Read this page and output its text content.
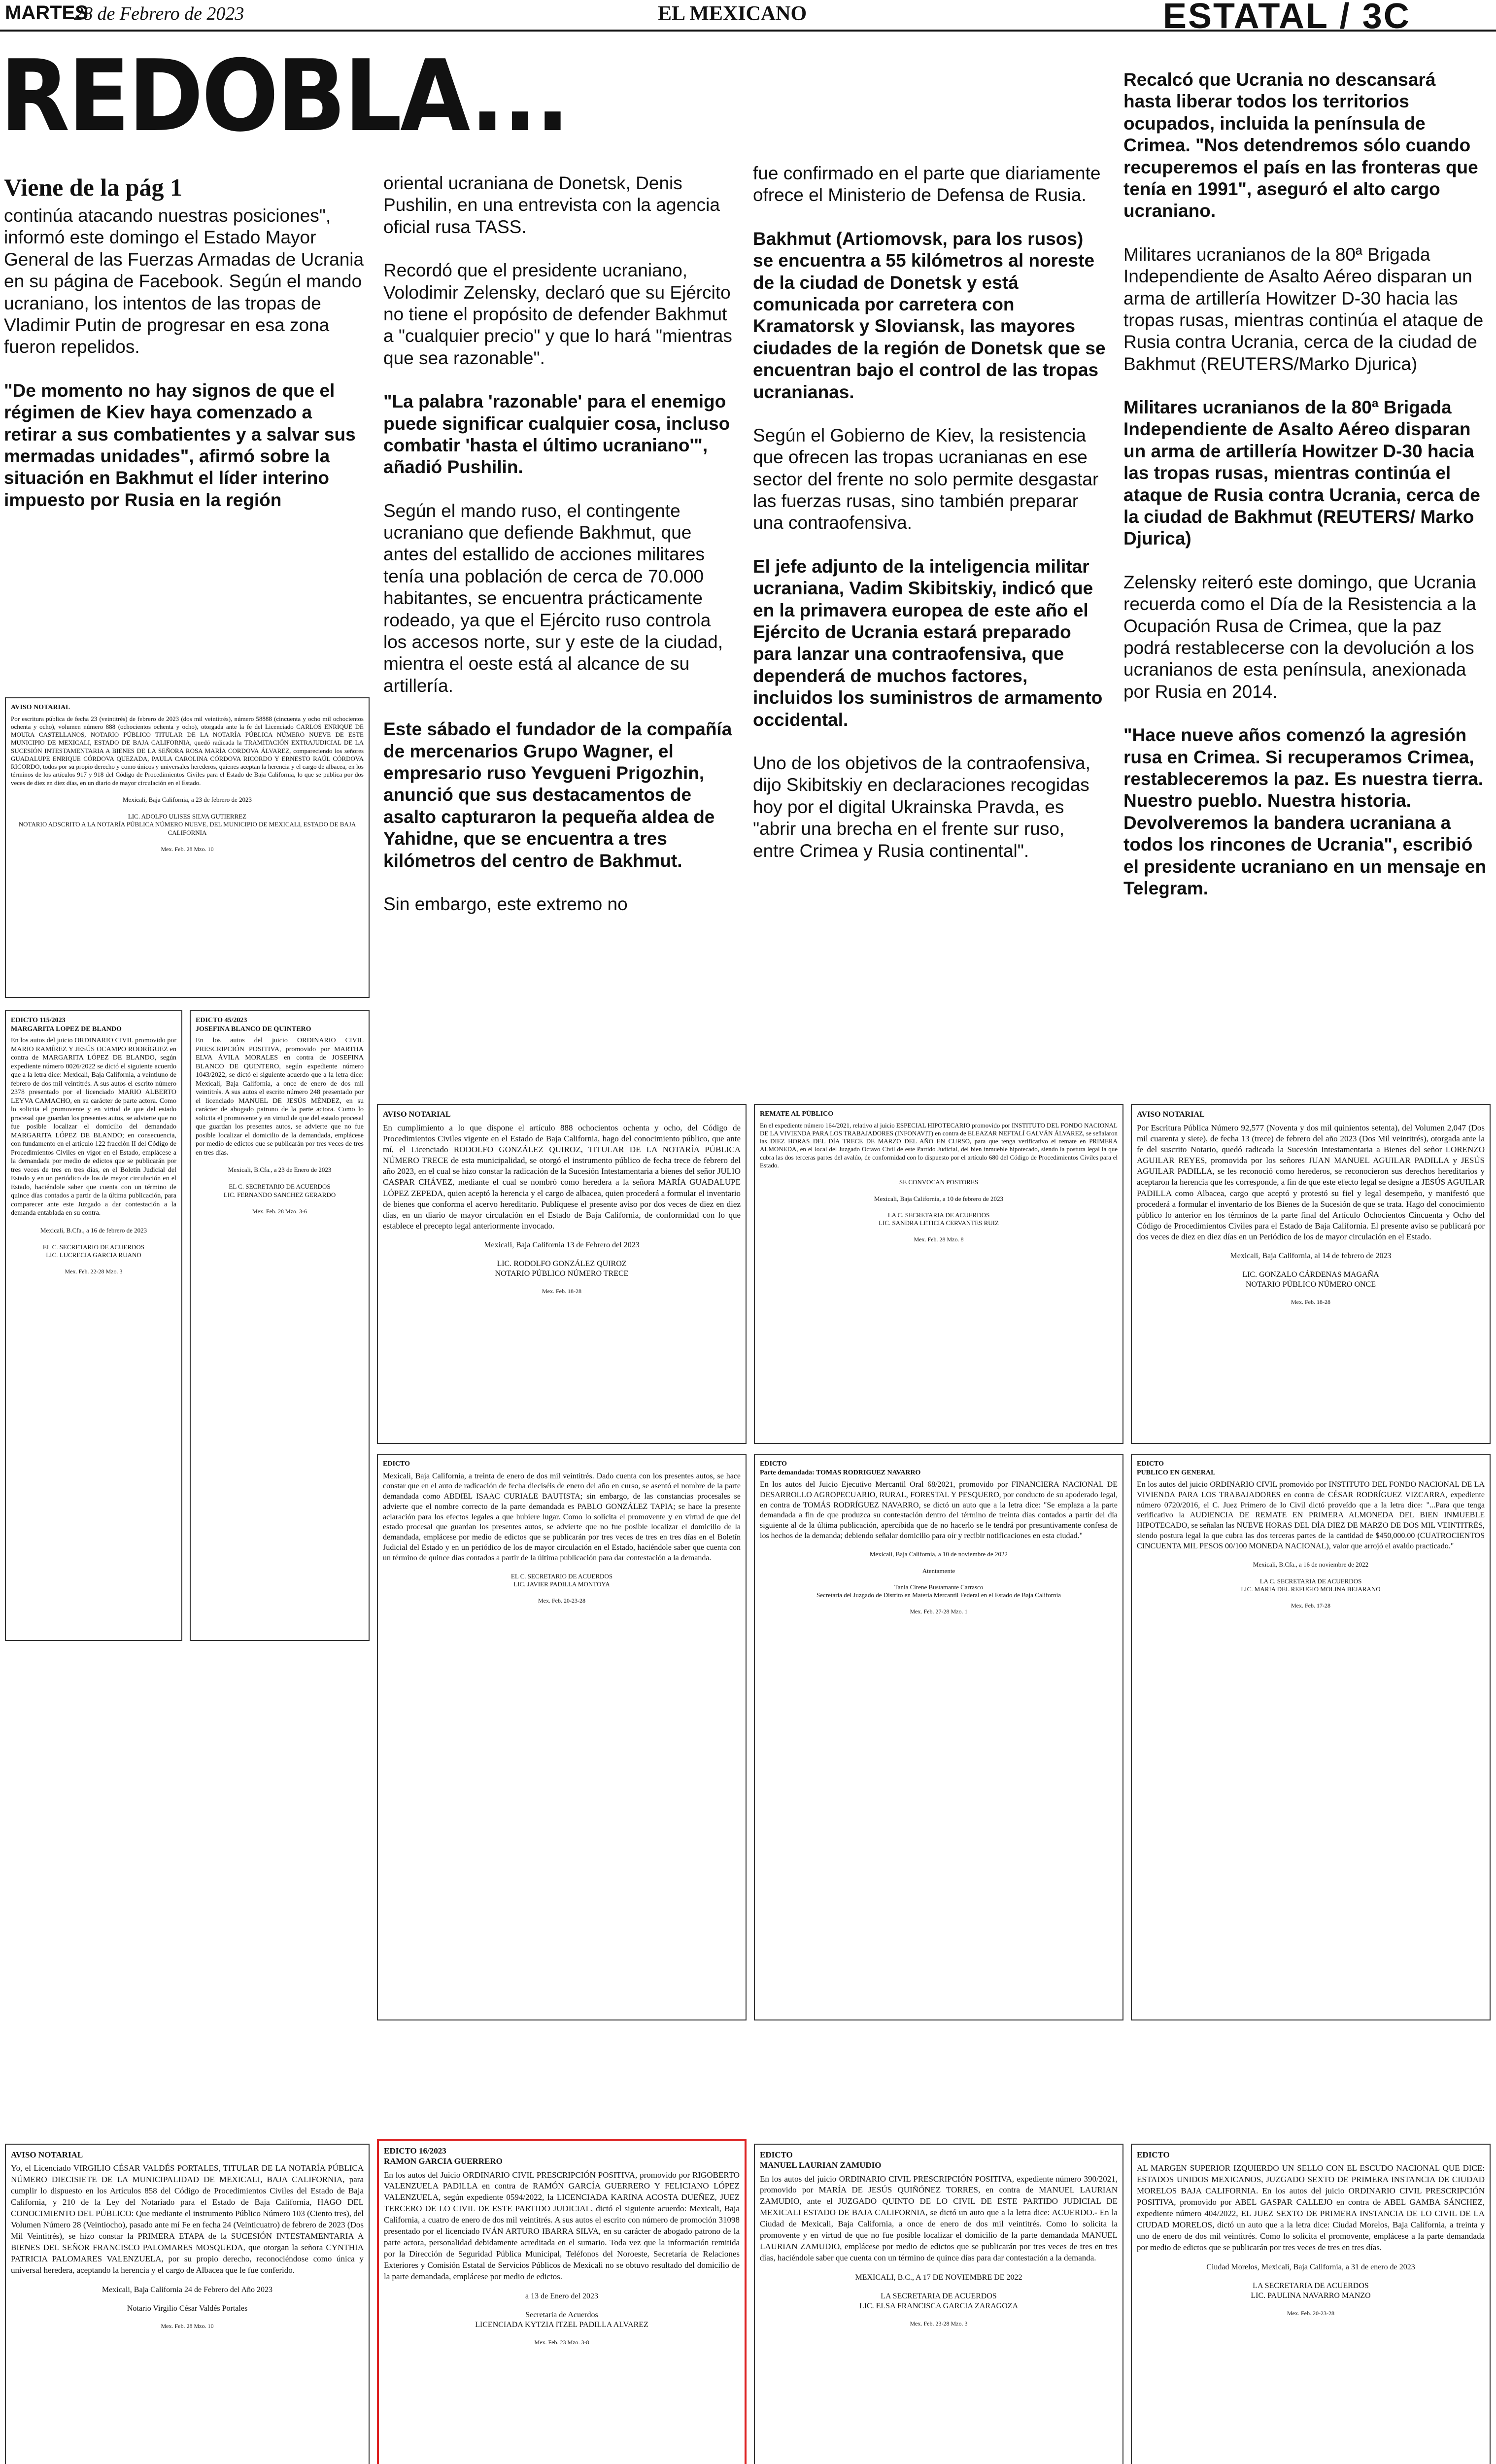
MARTES
28 de Febrero de 2023	EL MEXICANO	ESTATAL / 3C
REDOBLA...
Viene de la pág 1

continúa atacando nuestras posiciones", informó este domingo el Estado Mayor General de las Fuerzas Armadas de Ucrania en su página de Facebook. Según el mando ucraniano, los intentos de las tropas de Vladimir Putin de progresar en esa zona fueron repelidos.

"De momento no hay signos de que el régimen de Kiev haya comenzado a retirar a sus combatientes y a salvar sus mermadas unidades", afirmó sobre la situación en Bakhmut el líder interino impuesto por Rusia en la región

oriental ucraniana de Donetsk, Denis Pushilin, en una entrevista con la agencia oficial rusa TASS.

Recordó que el presidente ucraniano, Volodimir Zelensky, declaró que su Ejército no tiene el propósito de defender Bakhmut a "cualquier precio" y que lo hará "mientras que sea razonable".

"La palabra 'razonable' para el enemigo puede significar cualquier cosa, incluso combatir 'hasta el último ucraniano'", añadió Pushilin.

Según el mando ruso, el contingente ucraniano que defiende Bakhmut, que antes del estallido de acciones militares tenía una población de cerca de 70.000 habitantes, se encuentra prácticamente rodeado, ya que el Ejército ruso controla los accesos norte, sur y este de la ciudad, mientra el oeste está al alcance de su artillería.

Este sábado el fundador de la compañía de mercenarios Grupo Wagner, el empresario ruso Yevgueni Prigozhin, anunció que sus destacamentos de asalto capturaron la pequeña aldea de Yahidne, que se encuentra a tres kilómetros del centro de Bakhmut.

Sin embargo, este extremo no

fue confirmado en el parte que diariamente ofrece el Ministerio de Defensa de Rusia.

Bakhmut (Artiomovsk, para los rusos) se encuentra a 55 kilómetros al noreste de la ciudad de Donetsk y está comunicada por carretera con Kramatorsk y Sloviansk, las mayores ciudades de la región de Donetsk que se encuentran bajo el control de las tropas ucranianas.

Según el Gobierno de Kiev, la resistencia que ofrecen las tropas ucranianas en ese sector del frente no solo permite desgastar las fuerzas rusas, sino también preparar una contraofensiva.

El jefe adjunto de la inteligencia militar ucraniana, Vadim Skibitskiy, indicó que en la primavera europea de este año el Ejército de Ucrania estará preparado para lanzar una contraofensiva, que dependerá de muchos factores, incluidos los suministros de armamento occidental.

Uno de los objetivos de la contraofensiva, dijo Skibitskiy en declaraciones recogidas hoy por el digital Ukrainska Pravda, es "abrir una brecha en el frente sur ruso, entre Crimea y Rusia continental".

Recalcó que Ucrania no descansará hasta liberar todos los territorios ocupados, incluida la península de Crimea. "Nos detendremos sólo cuando recuperemos el país en las fronteras que tenía en 1991", aseguró el alto cargo ucraniano.

Militares ucranianos de la 80ª Brigada Independiente de Asalto Aéreo disparan un arma de artillería Howitzer D-30 hacia las tropas rusas, mientras continúa el ataque de Rusia contra Ucrania, cerca de la ciudad de Bakhmut (REUTERS/Marko Djurica)

Militares ucranianos de la 80ª Brigada Independiente de Asalto Aéreo disparan un arma de artillería Howitzer D-30 hacia las tropas rusas, mientras continúa el ataque de Rusia contra Ucrania, cerca de la ciudad de Bakhmut (REUTERS/ Marko Djurica)

Zelensky reiteró este domingo, que Ucrania recuerda como el Día de la Resistencia a la Ocupación Rusa de Crimea, que la paz podrá restablecerse con la devolución a los ucranianos de esta península, anexionada por Rusia en 2014.

"Hace nueve años comenzó la agresión rusa en Crimea. Si recuperamos Crimea, restableceremos la paz. Es nuestra tierra. Nuestro pueblo. Nuestra historia. Devolveremos la bandera ucraniana a todos los rincones de Ucrania", escribió el presidente ucraniano en un mensaje en Telegram.

AVISO NOTARIAL
Por escritura pública de fecha 23 (veintitrés) de febrero de 2023 (dos mil veintitrés), número 58888 (cincuenta y ocho mil ochocientos ochenta y ocho), volumen número 888 (ochocientos ochenta y ocho), otorgada ante la fe del Licenciado CARLOS ENRIQUE DE MOURA CASTELLANOS, NOTARIO PÚBLICO TITULAR DE LA NOTARÍA PÚBLICA NÚMERO NUEVE DE ESTE MUNICIPIO DE MEXICALI, ESTADO DE BAJA CALIFORNIA, quedó radicada la TRAMITACIÓN EXTRAJUDICIAL DE LA SUCESIÓN INTESTAMENTARIA A BIENES DE LA SEÑORA ROSA MARÍA CORDOVA ÁLVAREZ, compareciendo los señores GUADALUPE ENRIQUE CÓRDOVA QUEZADA, PAULA CAROLINA CÓRDOVA RICORDO Y ERNESTO RAÚL CÓRDOVA RICORDO, todos por su propio derecho y como únicos y universales herederos, quienes aceptan la herencia y el cargo de albacea, en los términos de los artículos 917 y 918 del Código de Procedimientos Civiles para el Estado de Baja California, lo que se publica por dos veces de diez en diez días, en un diario de mayor circulación en el Estado.
Mexicali, Baja California, a 23 de febrero de 2023
LIC. ADOLFO ULISES SILVA GUTIERREZ
NOTARIO ADSCRITO A LA NOTARÍA PÚBLICA NÚMERO NUEVE, DEL MUNICIPIO DE MEXICALI, ESTADO DE BAJA CALIFORNIA
Mex. Feb. 28 Mzo. 10
EDICTO 115/2023
MARGARITA LOPEZ DE BLANDO
En los autos del juicio ORDINARIO CIVIL promovido por MARIO RAMÍREZ Y JESÚS OCAMPO RODRÍGUEZ en contra de MARGARITA LÓPEZ DE BLANDO, según expediente número 0026/2022 se dictó el siguiente acuerdo que a la letra dice: Mexicali, Baja California, a veintiuno de febrero de dos mil veintitrés. A sus autos el escrito número 2378 presentado por el licenciado MARIO ALBERTO LEYVA CAMACHO, en su carácter de parte actora. Como lo solicita el promovente y en virtud de que del estado procesal que guardan los presentes autos, se advierte que no fue posible localizar el domicilio del demandado MARGARITA LÓPEZ DE BLANDO; en consecuencia, con fundamento en el artículo 122 fracción II del Código de Procedimientos Civiles en vigor en el Estado, emplácese a la demandada por medio de edictos que se publicarán por tres veces de tres en tres días, en el Boletín Judicial del Estado y en un periódico de los de mayor circulación en el Estado, haciéndole saber que cuenta con un término de quince días contados a partir de la última publicación, para comparecer ante este Juzgado a dar contestación a la demanda entablada en su contra.
Mexicali, B.Cfa., a 16 de febrero de 2023
EL C. SECRETARIO DE ACUERDOS
LIC. LUCRECIA GARCIA RUANO
Mex. Feb. 22-28 Mzo. 3
EDICTO 45/2023
JOSEFINA BLANCO DE QUINTERO
En los autos del juicio ORDINARIO CIVIL PRESCRIPCIÓN POSITIVA, promovido por MARTHA ELVA ÁVILA MORALES en contra de JOSEFINA BLANCO DE QUINTERO, según expediente número 1043/2022, se dictó el siguiente acuerdo que a la letra dice: Mexicali, Baja California, a once de enero de dos mil veintitrés. A sus autos el escrito número 248 presentado por el licenciado MANUEL DE JESÚS MÉNDEZ, en su carácter de abogado patrono de la parte actora. Como lo solicita el promovente y en virtud de que del estado procesal que guardan los presentes autos, se advierte que no fue posible localizar el domicilio de la demandada, emplácese por medio de edictos que se publicarán por tres veces de tres en tres días.
Mexicali, B.Cfa., a 23 de Enero de 2023
EL C. SECRETARIO DE ACUERDOS
LIC. FERNANDO SANCHEZ GERARDO
Mex. Feb. 28 Mzo. 3-6
AVISO NOTARIAL
En cumplimiento a lo que dispone el artículo 888 ochocientos ochenta y ocho, del Código de Procedimientos Civiles vigente en el Estado de Baja California, hago del conocimiento público, que ante mí, el Licenciado RODOLFO GONZÁLEZ QUIROZ, TITULAR DE LA NOTARÍA PÚBLICA NÚMERO TRECE de esta municipalidad, se otorgó el instrumento público de fecha trece de febrero del año 2023, en el cual se hizo constar la radicación de la Sucesión Intestamentaria a bienes del señor JULIO CASPAR CHÁVEZ, mediante el cual se nombró como heredera a la señora MARÍA GUADALUPE LÓPEZ ZEPEDA, quien aceptó la herencia y el cargo de albacea, quien procederá a formular el inventario de bienes que conforma el acervo hereditario. Publíquese el presente aviso por dos veces de diez en diez días, en un diario de mayor circulación en el Estado de Baja California, de conformidad con lo que establece el precepto legal anteriormente invocado.
Mexicali, Baja California 13 de Febrero del 2023
LIC. RODOLFO GONZÁLEZ QUIROZ
NOTARIO PÚBLICO NÚMERO TRECE
Mex. Feb. 18-28
REMATE AL PÚBLICO
En el expediente número 164/2021, relativo al juicio ESPECIAL HIPOTECARIO promovido por INSTITUTO DEL FONDO NACIONAL DE LA VIVIENDA PARA LOS TRABAJADORES (INFONAVIT) en contra de ELEAZAR NEFTALÍ GALVÁN ÁLVAREZ, se señalaron las DIEZ HORAS DEL DÍA TRECE DE MARZO DEL AÑO EN CURSO, para que tenga verificativo el remate en PRIMERA ALMONEDA, en el local del Juzgado Octavo Civil de este Partido Judicial, del bien inmueble hipotecado, siendo la postura legal la que cubra las dos terceras partes del avalúo, de conformidad con lo dispuesto por el artículo 680 del Código de Procedimientos Civiles para el Estado.
SE CONVOCAN POSTORES
Mexicali, Baja California, a 10 de febrero de 2023

LA C. SECRETARIA DE ACUERDOS
LIC. SANDRA LETICIA CERVANTES RUIZ
Mex. Feb. 28 Mzo. 8
AVISO NOTARIAL
Por Escritura Pública Número 92,577 (Noventa y dos mil quinientos setenta), del Volumen 2,047 (Dos mil cuarenta y siete), de fecha 13 (trece) de febrero del año 2023 (Dos Mil veintitrés), otorgada ante la fe del suscrito Notario, quedó radicada la Sucesión Intestamentaria a Bienes del señor LORENZO AGUILAR REYES, promovida por los señores JUAN MANUEL AGUILAR PADILLA y JESÚS AGUILAR PADILLA, se les reconoció como herederos, se reconocieron sus derechos hereditarios y aceptaron la herencia que les corresponde, a fin de que este efecto legal se designe a JESÚS AGUILAR PADILLA como Albacea, cargo que aceptó y protestó su fiel y legal desempeño, y manifestó que procederá a formular el inventario de los Bienes de la Sucesión de que se trata. Hago del conocimiento público lo anterior en los términos de la parte final del Artículo Ochocientos Cincuenta y Ocho del Código de Procedimientos Civiles para el Estado de Baja California. El presente aviso se publicará por dos veces de diez en diez días en un Periódico de los de mayor circulación en el Estado.
Mexicali, Baja California, al 14 de febrero de 2023
LIC. GONZALO CÁRDENAS MAGAÑA
NOTARIO PÚBLICO NÚMERO ONCE
Mex. Feb. 18-28
EDICTO
Mexicali, Baja California, a treinta de enero de dos mil veintitrés. Dado cuenta con los presentes autos, se hace constar que en el auto de radicación de fecha dieciséis de enero del año en curso, se asentó el nombre de la parte demandada como ABDIEL ISAAC CURIALE BAUTISTA; sin embargo, de las constancias procesales se advierte que el nombre correcto de la parte demandada es PABLO GONZÁLEZ TAPIA; se hace la presente aclaración para los efectos legales a que hubiere lugar. Como lo solicita el promovente y en virtud de que del estado procesal que guardan los presentes autos, se advierte que no fue posible localizar el domicilio de la demandada, emplácese por medio de edictos que se publicarán por tres veces de tres en tres días en el Boletín Judicial del Estado y en un periódico de los de mayor circulación en el Estado, haciéndole saber que cuenta con un término de quince días contados a partir de la última publicación para dar contestación a la demanda.
EL C. SECRETARIO DE ACUERDOS
LIC. JAVIER PADILLA MONTOYA
Mex. Feb. 20-23-28
EDICTO
Parte demandada: TOMAS RODRIGUEZ NAVARRO
En los autos del Juicio Ejecutivo Mercantil Oral 68/2021, promovido por FINANCIERA NACIONAL DE DESARROLLO AGROPECUARIO, RURAL, FORESTAL Y PESQUERO, por conducto de su apoderado legal, en contra de TOMÁS RODRÍGUEZ NAVARRO, se dictó un auto que a la letra dice: "Se emplaza a la parte demandada a fin de que produzca su contestación dentro del término de treinta días contados a partir del día siguiente al de la última publicación, apercibida que de no hacerlo se le tendrá por presuntivamente confesa de los hechos de la demanda; debiendo señalar domicilio para oír y recibir notificaciones en esta ciudad."
Mexicali, Baja California, a 10 de noviembre de 2022
Atentamente

Tania Cirene Bustamante Carrasco
Secretaria del Juzgado de Distrito en Materia Mercantil Federal en el Estado de Baja California
Mex. Feb. 27-28 Mzo. 1
EDICTO
PUBLICO EN GENERAL
En los autos del juicio ORDINARIO CIVIL promovido por INSTITUTO DEL FONDO NACIONAL DE LA VIVIENDA PARA LOS TRABAJADORES en contra de CÉSAR RODRÍGUEZ VIZCARRA, expediente número 0720/2016, el C. Juez Primero de lo Civil dictó proveído que a la letra dice: "...Para que tenga verificativo la AUDIENCIA DE REMATE EN PRIMERA ALMONEDA DEL BIEN INMUEBLE HIPOTECADO, se señalan las NUEVE HORAS DEL DÍA DIEZ DE MARZO DE DOS MIL VEINTITRÉS, siendo postura legal la que cubra las dos terceras partes de la cantidad de $450,000.00 (CUATROCIENTOS CINCUENTA MIL PESOS 00/100 MONEDA NACIONAL), valor que arrojó el avalúo practicado."
Mexicali, B.Cfa., a 16 de noviembre de 2022
LA C. SECRETARIA DE ACUERDOS
LIC. MARIA DEL REFUGIO MOLINA BEJARANO
Mex. Feb. 17-28
AVISO NOTARIAL
Yo, el Licenciado VIRGILIO CÉSAR VALDÉS PORTALES, TITULAR DE LA NOTARÍA PÚBLICA NÚMERO DIECISIETE DE LA MUNICIPALIDAD DE MEXICALI, BAJA CALIFORNIA, para cumplir lo dispuesto en los Artículos 858 del Código de Procedimientos Civiles del Estado de Baja California, y 210 de la Ley del Notariado para el Estado de Baja California, HAGO DEL CONOCIMIENTO DEL PÚBLICO: Que mediante el instrumento Público Número 103 (Ciento tres), del Volumen Número 28 (Veintiocho), pasado ante mí Fe en fecha 24 (Veinticuatro) de febrero de 2023 (Dos Mil Veintitrés), se hizo constar la PRIMERA ETAPA de la SUCESIÓN INTESTAMENTARIA A BIENES DEL SEÑOR FRANCISCO PALOMARES MOSQUEDA, que otorgan la señora CYNTHIA PATRICIA PALOMARES VALENZUELA, por su propio derecho, reconociéndose como única y universal heredera, aceptando la herencia y el cargo de Albacea que le fue conferido.
Mexicali, Baja California 24 de Febrero del Año 2023
Notario Virgilio César Valdés Portales
Mex. Feb. 28 Mzo. 10
EDICTO 16/2023
RAMON GARCIA GUERRERO
En los autos del Juicio ORDINARIO CIVIL PRESCRIPCIÓN POSITIVA, promovido por RIGOBERTO VALENZUELA PADILLA en contra de RAMÓN GARCÍA GUERRERO Y FELICIANO LÓPEZ VALENZUELA, según expediente 0594/2022, la LICENCIADA KARINA ACOSTA DUEÑEZ, JUEZ TERCERO DE LO CIVIL DE ESTE PARTIDO JUDICIAL, dictó el siguiente acuerdo: Mexicali, Baja California, a cuatro de enero de dos mil veintitrés. A sus autos el escrito con número de promoción 31098 presentado por el licenciado IVÁN ARTURO IBARRA SILVA, en su carácter de abogado patrono de la parte actora, personalidad debidamente acreditada en el sumario. Toda vez que la información remitida por la Dirección de Seguridad Pública Municipal, Teléfonos del Noroeste, Secretaría de Relaciones Exteriores y Comisión Estatal de Servicios Públicos de Mexicali no se obtuvo resultado del domicilio de la parte demandada, emplácese por medio de edictos.
a 13 de Enero del 2023
Secretaria de Acuerdos
LICENCIADA KYTZIA ITZEL PADILLA ALVAREZ
Mex. Feb. 23 Mzo. 3-8
EDICTO
MANUEL LAURIAN ZAMUDIO
En los autos del juicio ORDINARIO CIVIL PRESCRIPCIÓN POSITIVA, expediente número 390/2021, promovido por MARÍA DE JESÚS QUIÑÓNEZ TORRES, en contra de MANUEL LAURIAN ZAMUDIO, ante el JUZGADO QUINTO DE LO CIVIL DE ESTE PARTIDO JUDICIAL DE MEXICALI ESTADO DE BAJA CALIFORNIA, se dictó un auto que a la letra dice: ACUERDO.- En la Ciudad de Mexicali, Baja California, a once de enero de dos mil veintitrés. Como lo solicita la promovente y en virtud de que no fue posible localizar el domicilio de la parte demandada MANUEL LAURIAN ZAMUDIO, emplácese por medio de edictos que se publicarán por tres veces de tres en tres días, haciéndole saber que cuenta con un término de quince días para dar contestación a la demanda.
MEXICALI, B.C., A 17 DE NOVIEMBRE DE 2022
LA SECRETARIA DE ACUERDOS
LIC. ELSA FRANCISCA GARCIA ZARAGOZA
Mex. Feb. 23-28 Mzo. 3
EDICTO
AL MARGEN SUPERIOR IZQUIERDO UN SELLO CON EL ESCUDO NACIONAL QUE DICE: ESTADOS UNIDOS MEXICANOS, JUZGADO SEXTO DE PRIMERA INSTANCIA DE CIUDAD MORELOS BAJA CALIFORNIA. En los autos del juicio ORDINARIO CIVIL PRESCRIPCIÓN POSITIVA, promovido por ABEL GASPAR CALLEJO en contra de ABEL GAMBA SÁNCHEZ, expediente número 404/2022, EL JUEZ SEXTO DE PRIMERA INSTANCIA DE LO CIVIL DE LA CIUDAD MORELOS, dictó un auto que a la letra dice: Ciudad Morelos, Baja California, a treinta y uno de enero de dos mil veintitrés. Como lo solicita el promovente, emplácese a la parte demandada por medio de edictos que se publicarán por tres veces de tres en tres días.
Ciudad Morelos, Mexicali, Baja California, a 31 de enero de 2023
LA SECRETARIA DE ACUERDOS
LIC. PAULINA NAVARRO MANZO
Mex. Feb. 20-23-28
